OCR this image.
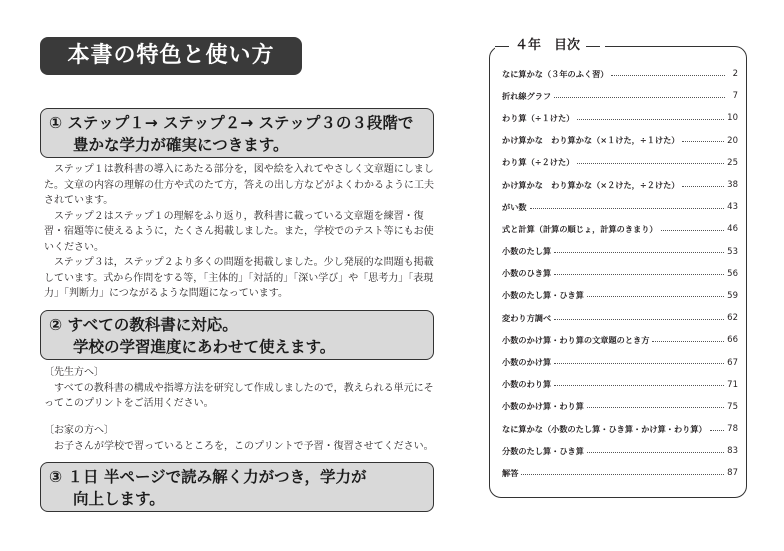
本書の特色と使い方
① ステップ１→ ステップ２→ ステップ３の３段階で
豊かな学力が確実につきます。

ステップ１は教科書の導入にあたる部分を，図や絵を入れてやさしく文章題にしました。文章の内容の理解の仕方や式のたて方，答えの出し方などがよくわかるように工夫されています。

ステップ２はステップ１の理解をふり返り，教科書に載っている文章題を練習・復習・宿題等に使えるように，たくさん掲載しました。また，学校でのテスト等にもお使いください。

ステップ３は，ステップ２より多くの問題を掲載しました。少し発展的な問題も掲載しています。式から作問をする等，「主体的」「対話的」「深い学び」や「思考力」「表現力」「判断力」につながるような問題になっています。

② すべての教科書に対応。
学校の学習進度にあわせて使えます。
〔先生方へ〕

すべての教科書の構成や指導方法を研究して作成しましたので，教えられる単元にそってこのプリントをご活用ください。

〔お家の方へ〕

お子さんが学校で習っているところを，このプリントで予習・復習させてください。

③ １日 半ページで読み解く力がつき，学力が
向上します。
４年　目次
なに算かな（３年のふく習）	2
折れ線グラフ	7
わり算（÷１けた）	10
かけ算かな　わり算かな（×１けた，÷１けた）	20
わり算（÷２けた）	25
かけ算かな　わり算かな（×２けた，÷２けた）	38
がい数	43
式と計算（計算の順じょ，計算のきまり）	46
小数のたし算	53
小数のひき算	56
小数のたし算・ひき算	59
変わり方調べ	62
小数のかけ算・わり算の文章題のとき方	66
小数のかけ算	67
小数のわり算	71
小数のかけ算・わり算	75
なに算かな（小数のたし算・ひき算・かけ算・わり算） 78
分数のたし算・ひき算	83
解答	87
